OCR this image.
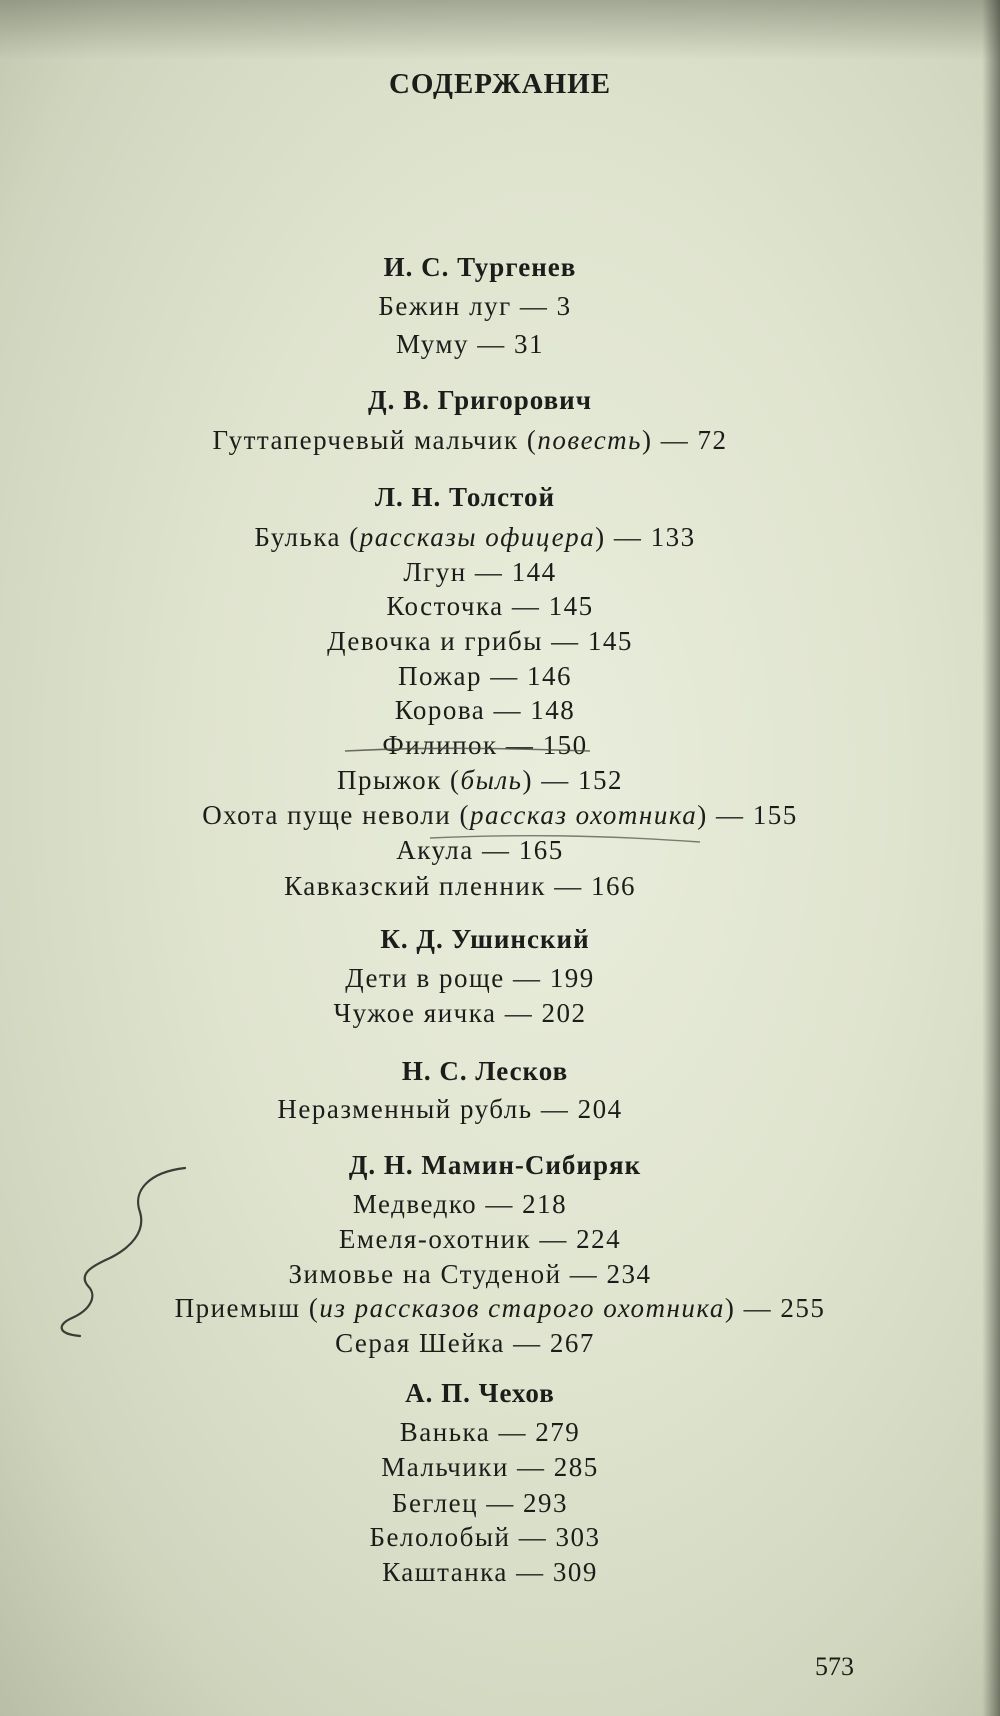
СОДЕРЖАНИЕ
И. С. Тургенев
Бежин луг — 3
Муму — 31
Д. В. Григорович
Гуттаперчевый мальчик (повесть) — 72
Л. Н. Толстой
Булька (рассказы офицера) — 133
Лгун — 144
Косточка — 145
Девочка и грибы — 145
Пожар — 146
Корова — 148
Филипок — 150
Прыжок (быль) — 152
Охота пуще неволи (рассказ охотника) — 155
Акула — 165
Кавказский пленник — 166
К. Д. Ушинский
Дети в роще — 199
Чужое яичка — 202
Н. С. Лесков
Неразменный рубль — 204
Д. Н. Мамин-Сибиряк
Медведко — 218
Емеля-охотник — 224
Зимовье на Студеной — 234
Приемыш (из рассказов старого охотника) — 255
Серая Шейка — 267
А. П. Чехов
Ванька — 279
Мальчики — 285
Беглец — 293
Белолобый — 303
Каштанка — 309
573
